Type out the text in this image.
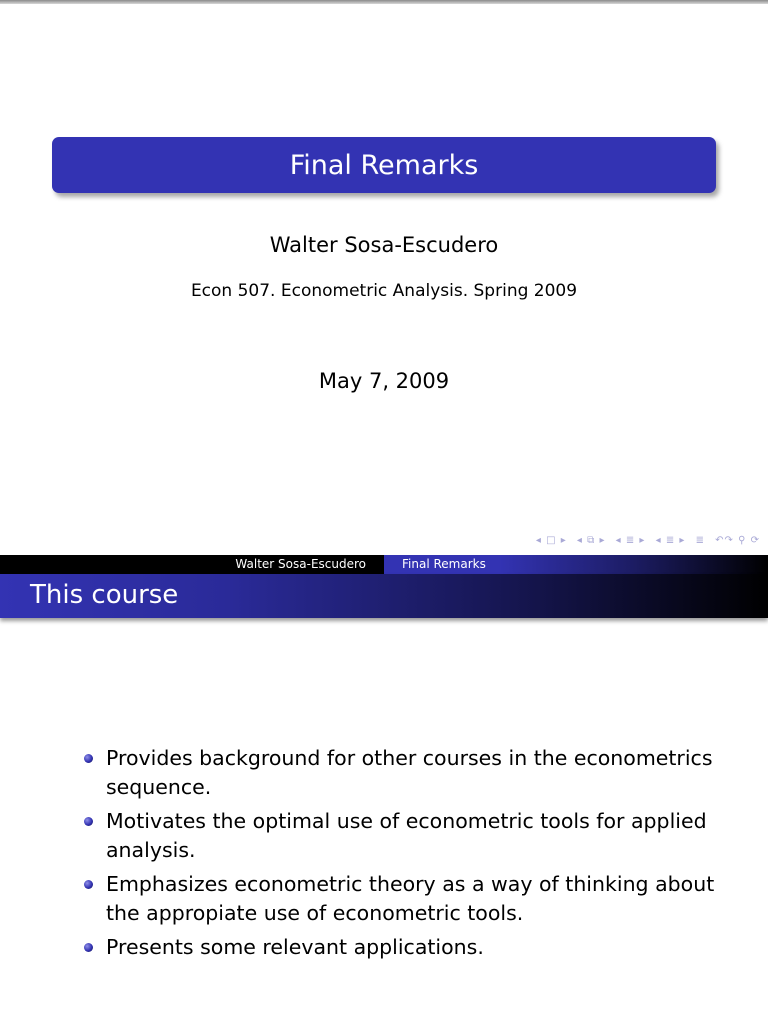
Final Remarks
Walter Sosa-Escudero
Econ 507. Econometric Analysis. Spring 2009
May 7, 2009
◂ □ ▸ ◂ ⧉ ▸ ◂ ≣ ▸ ◂ ≣ ▸ ≣ ↶↷ ⚲ ⟳
Walter Sosa-Escudero	Final Remarks
This course
Provides background for other courses in the econometrics sequence.
Motivates the optimal use of econometric tools for applied analysis.
Emphasizes econometric theory as a way of thinking about the appropiate use of econometric tools.
Presents some relevant applications.
